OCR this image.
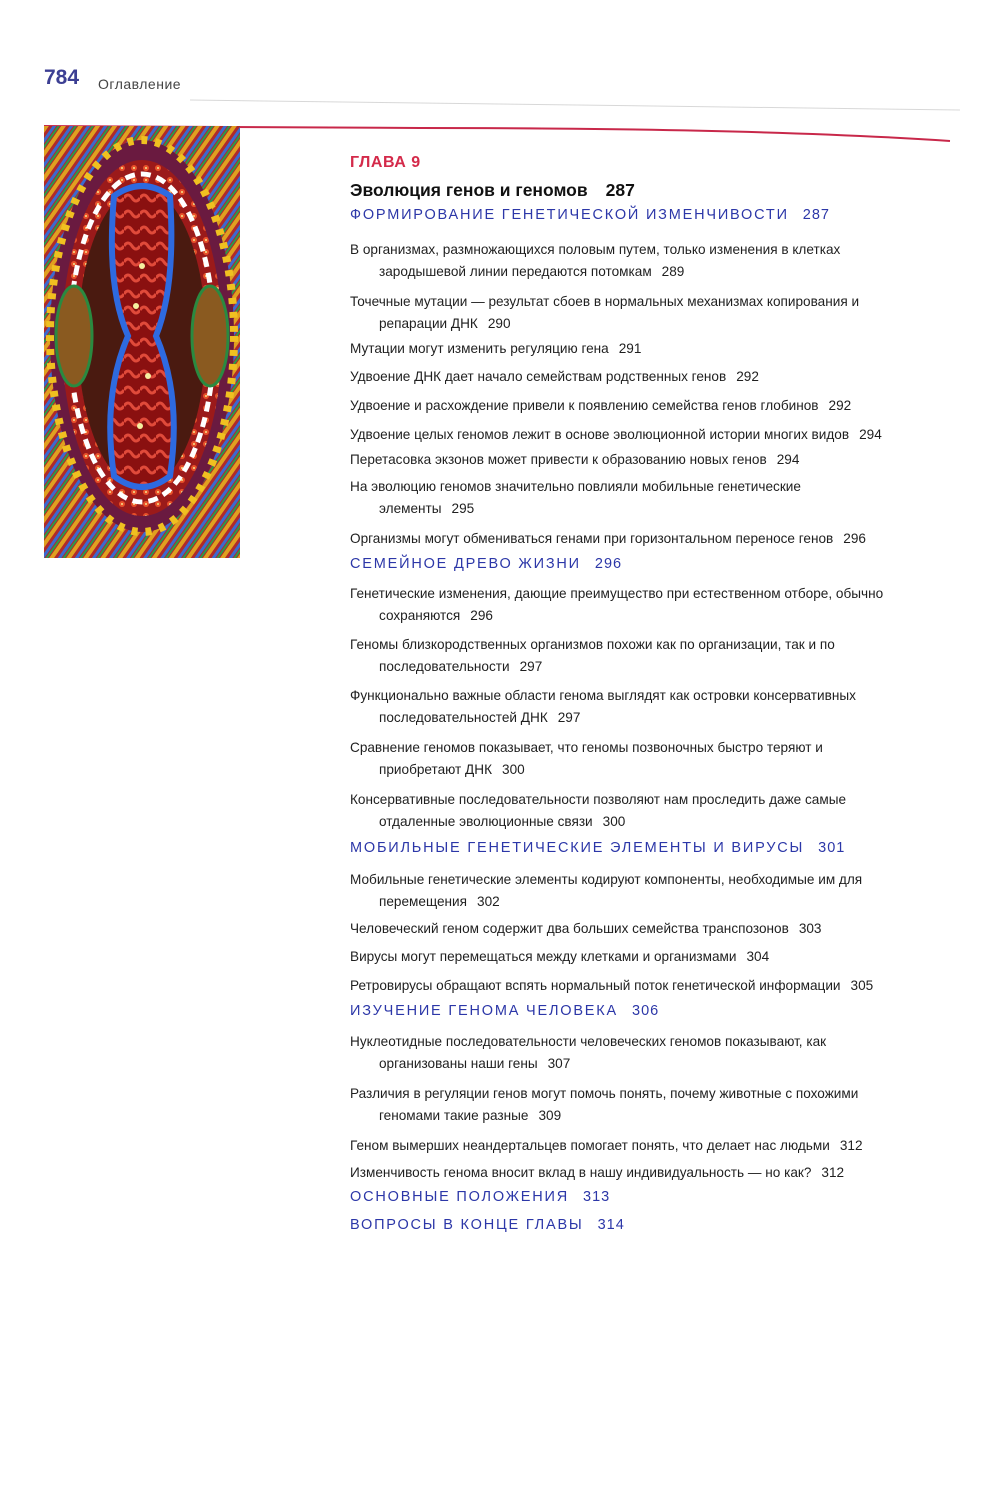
784 Оглавление
ГЛАВА 9
Эволюция генов и геномов 287
ФОРМИРОВАНИЕ ГЕНЕТИЧЕСКОЙ ИЗМЕНЧИВОСТИ 287
В организмах, размножающихся половым путем, только изменения в клетках
зародышевой линии передаются потомкам 289
Точечные мутации — результат сбоев в нормальных механизмах копирования и
репарации ДНК 290
Мутации могут изменить регуляцию гена 291
Удвоение ДНК дает начало семействам родственных генов 292
Удвоение и расхождение привели к появлению семейства генов глобинов 292
Удвоение целых геномов лежит в основе эволюционной истории многих видов 294
Перетасовка экзонов может привести к образованию новых генов 294
На эволюцию геномов значительно повлияли мобильные генетические
элементы 295
Организмы могут обмениваться генами при горизонтальном переносе генов 296
СЕМЕЙНОЕ ДРЕВО ЖИЗНИ 296
Генетические изменения, дающие преимущество при естественном отборе, обычно
сохраняются 296
Геномы близкородственных организмов похожи как по организации, так и по
последовательности 297
Функционально важные области генома выглядят как островки консервативных
последовательностей ДНК 297
Сравнение геномов показывает, что геномы позвоночных быстро теряют и
приобретают ДНК 300
Консервативные последовательности позволяют нам проследить даже самые
отдаленные эволюционные связи 300
МОБИЛЬНЫЕ ГЕНЕТИЧЕСКИЕ ЭЛЕМЕНТЫ И ВИРУСЫ 301
Мобильные генетические элементы кодируют компоненты, необходимые им для
перемещения 302
Человеческий геном содержит два больших семейства транспозонов 303
Вирусы могут перемещаться между клетками и организмами 304
Ретровирусы обращают вспять нормальный поток генетической информации 305
ИЗУЧЕНИЕ ГЕНОМА ЧЕЛОВЕКА 306
Нуклеотидные последовательности человеческих геномов показывают, как
организованы наши гены 307
Различия в регуляции генов могут помочь понять, почему животные с похожими
геномами такие разные 309
Геном вымерших неандертальцев помогает понять, что делает нас людьми 312
Изменчивость генома вносит вклад в нашу индивидуальность — но как? 312
ОСНОВНЫЕ ПОЛОЖЕНИЯ 313
ВОПРОСЫ В КОНЦЕ ГЛАВЫ 314
